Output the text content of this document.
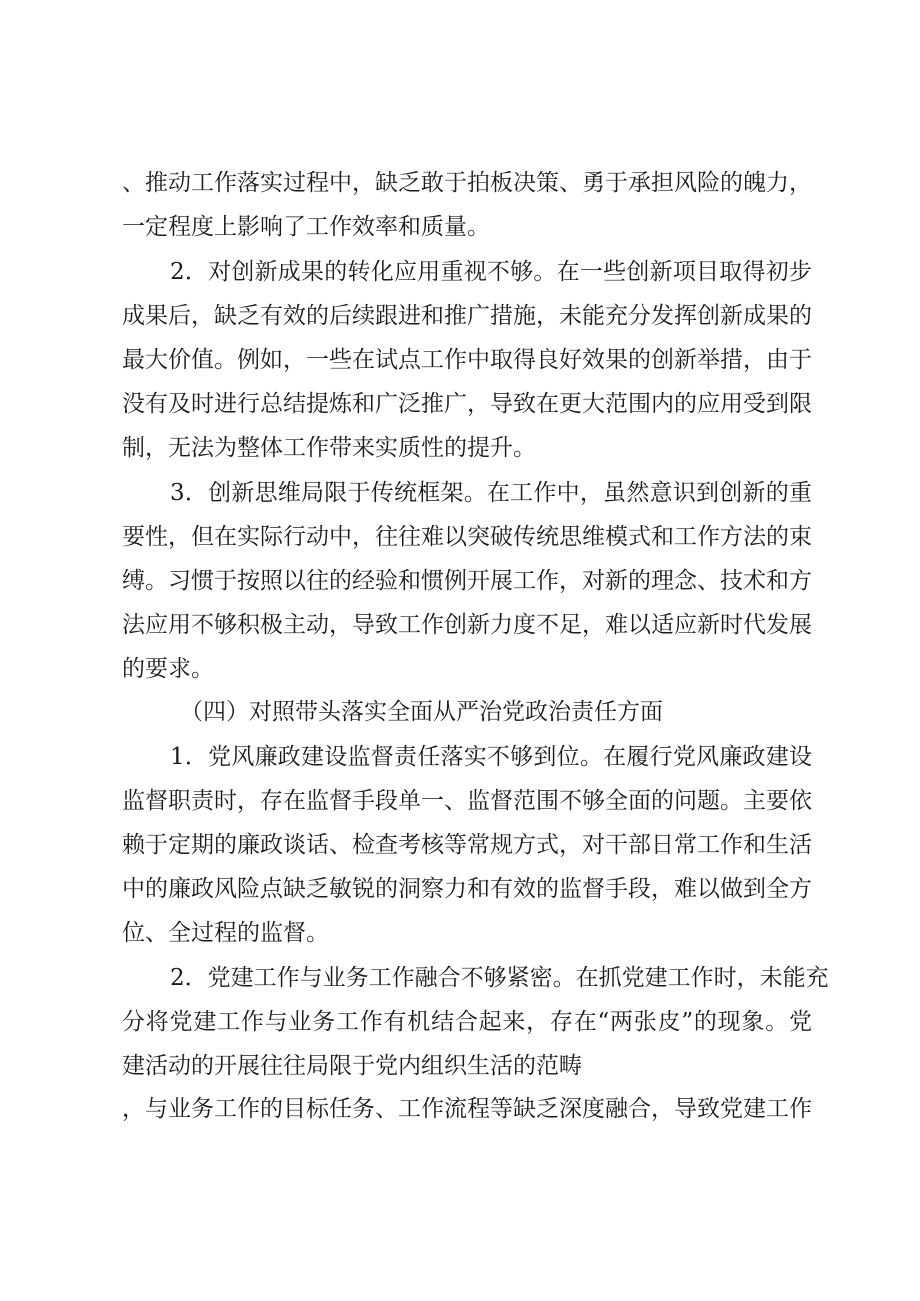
、推动工作落实过程中，缺乏敢于拍板决策、勇于承担风险的魄力，
一定程度上影响了工作效率和质量。
2．对创新成果的转化应用重视不够。在一些创新项目取得初步
成果后，缺乏有效的后续跟进和推广措施，未能充分发挥创新成果的
最大价值。例如，一些在试点工作中取得良好效果的创新举措，由于
没有及时进行总结提炼和广泛推广，导致在更大范围内的应用受到限
制，无法为整体工作带来实质性的提升。
3．创新思维局限于传统框架。在工作中，虽然意识到创新的重
要性，但在实际行动中，往往难以突破传统思维模式和工作方法的束
缚。习惯于按照以往的经验和惯例开展工作，对新的理念、技术和方
法应用不够积极主动，导致工作创新力度不足，难以适应新时代发展
的要求。
（四）对照带头落实全面从严治党政治责任方面
1．党风廉政建设监督责任落实不够到位。在履行党风廉政建设
监督职责时，存在监督手段单一、监督范围不够全面的问题。主要依
赖于定期的廉政谈话、检查考核等常规方式，对干部日常工作和生活
中的廉政风险点缺乏敏锐的洞察力和有效的监督手段，难以做到全方
位、全过程的监督。
2．党建工作与业务工作融合不够紧密。在抓党建工作时，未能充
分将党建工作与业务工作有机结合起来，存在“两张皮”的现象。党
建活动的开展往往局限于党内组织生活的范畴
，与业务工作的目标任务、工作流程等缺乏深度融合，导致党建工作
